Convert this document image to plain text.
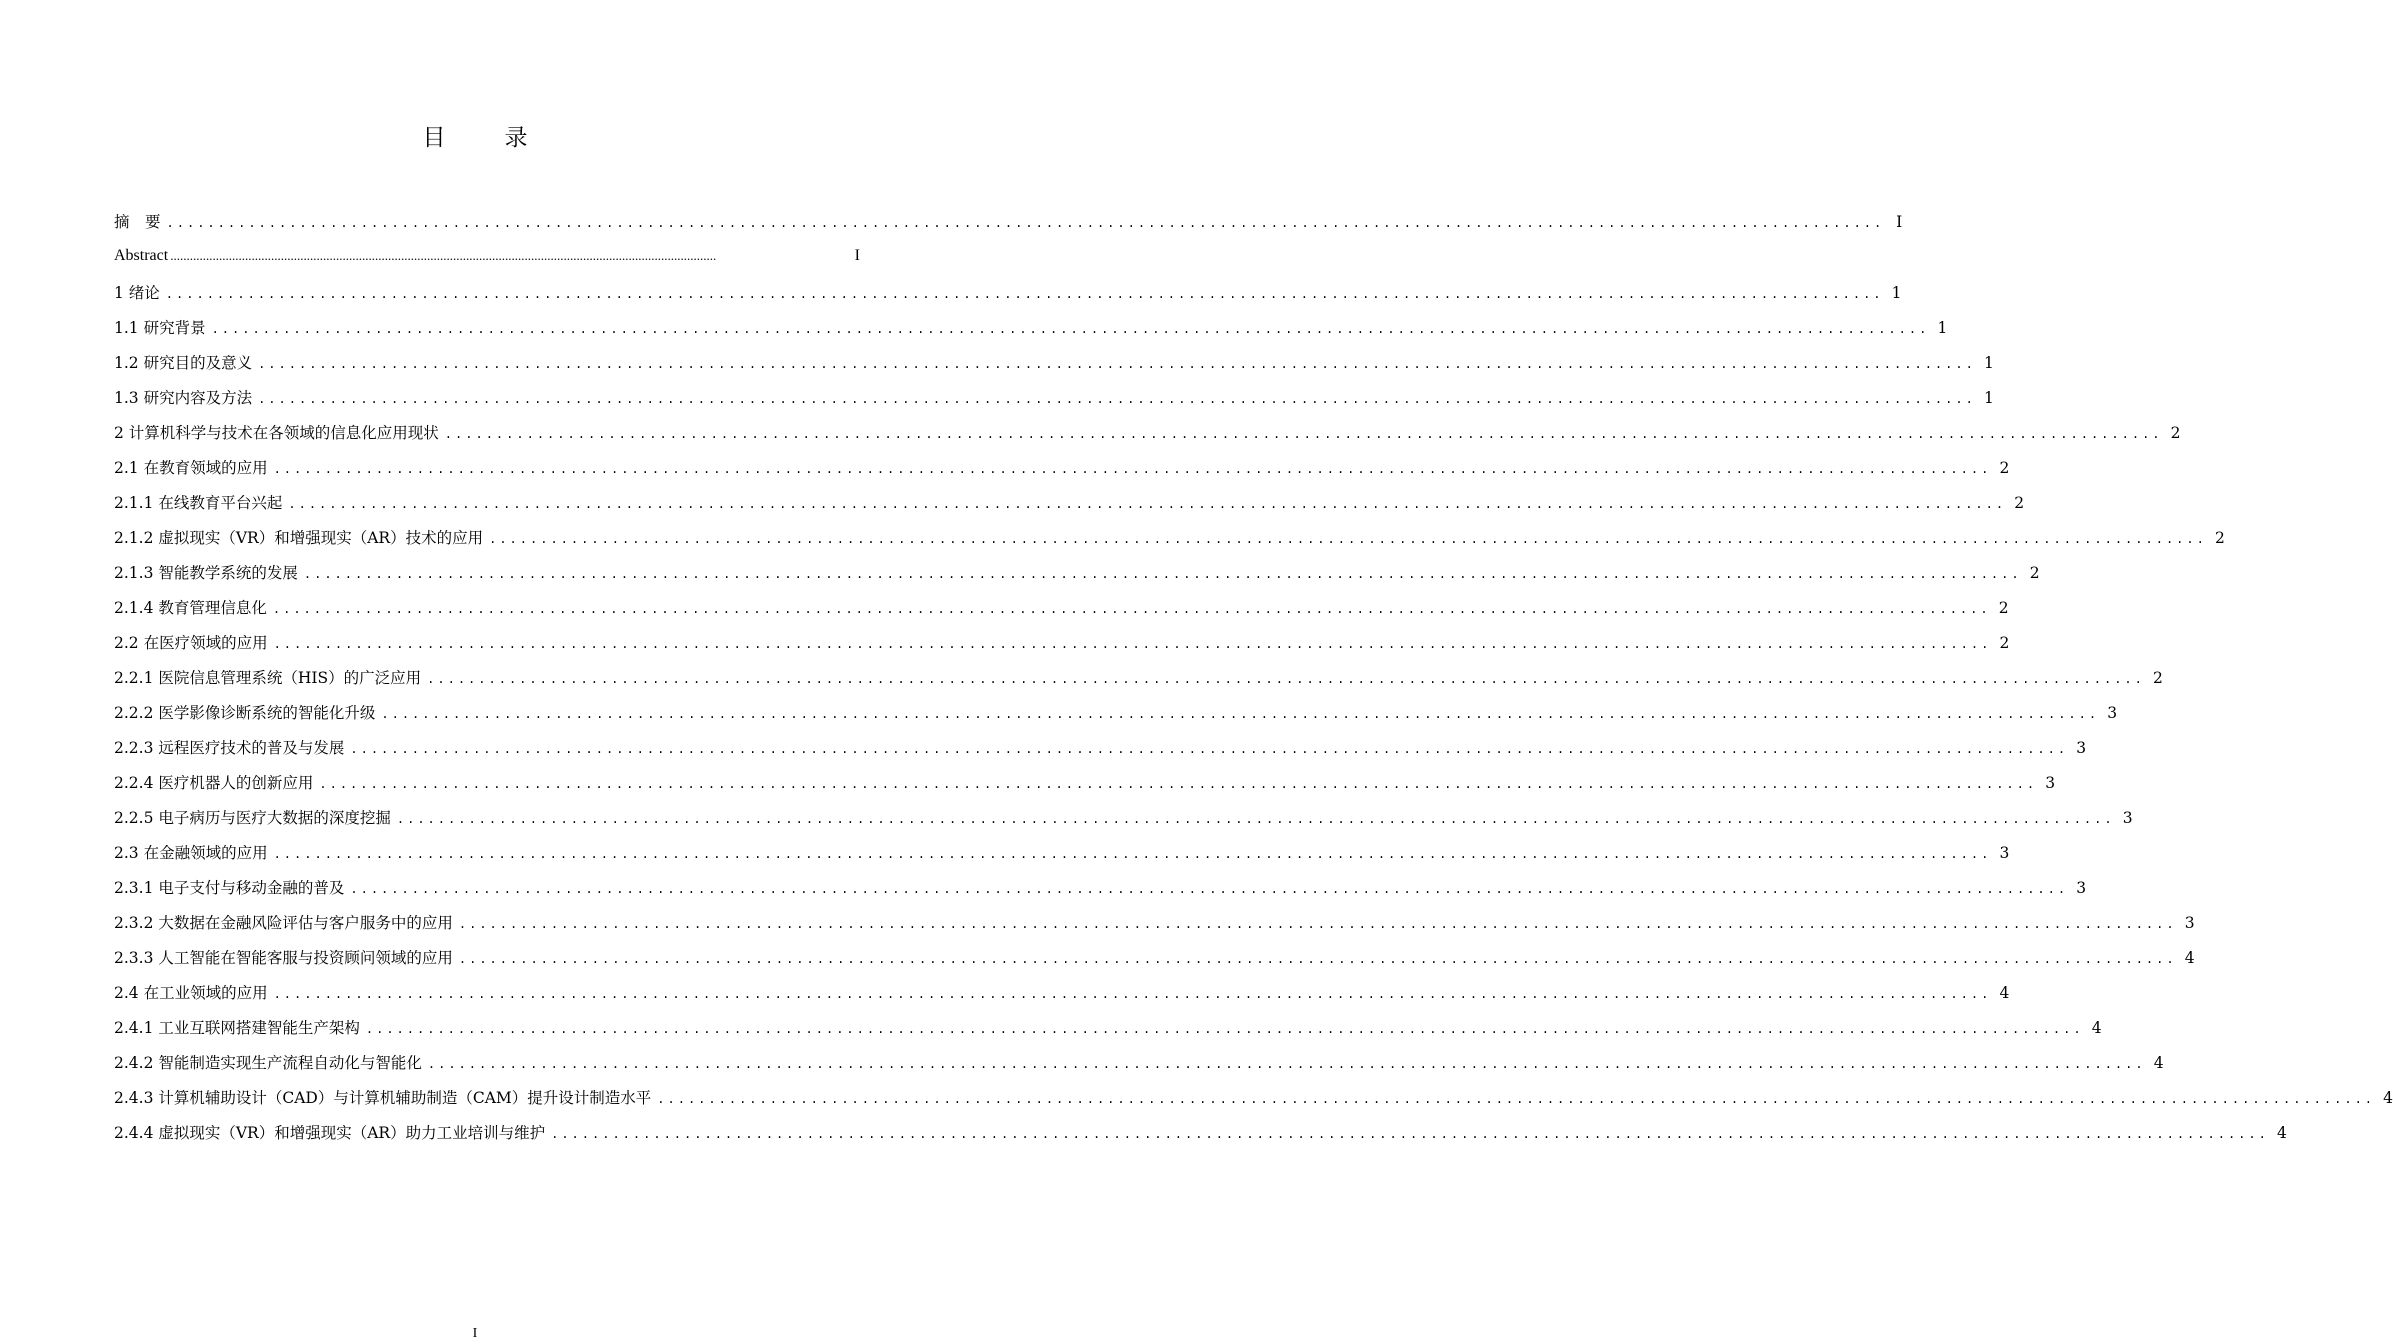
目　录
摘　要 ........................................................................................................................................................................ I
Abstract ........................................................................................................................................................................	I
1 绪论 ........................................................................................................................................................................ 1
1.1 研究背景 ........................................................................................................................................................................ 1
1.2 研究目的及意义 ........................................................................................................................................................................ 1
1.3 研究内容及方法 ........................................................................................................................................................................ 1
2 计算机科学与技术在各领域的信息化应用现状 ........................................................................................................................................................................ 2
2.1 在教育领域的应用 ........................................................................................................................................................................ 2
2.1.1 在线教育平台兴起 ........................................................................................................................................................................ 2
2.1.2 虚拟现实（VR）和增强现实（AR）技术的应用 ........................................................................................................................................................................ 2
2.1.3 智能教学系统的发展 ........................................................................................................................................................................ 2
2.1.4 教育管理信息化 ........................................................................................................................................................................ 2
2.2 在医疗领域的应用 ........................................................................................................................................................................ 2
2.2.1 医院信息管理系统（HIS）的广泛应用 ........................................................................................................................................................................ 2
2.2.2 医学影像诊断系统的智能化升级 ........................................................................................................................................................................ 3
2.2.3 远程医疗技术的普及与发展 ........................................................................................................................................................................ 3
2.2.4 医疗机器人的创新应用 ........................................................................................................................................................................ 3
2.2.5 电子病历与医疗大数据的深度挖掘 ........................................................................................................................................................................ 3
2.3 在金融领域的应用 ........................................................................................................................................................................ 3
2.3.1 电子支付与移动金融的普及 ........................................................................................................................................................................ 3
2.3.2 大数据在金融风险评估与客户服务中的应用 ........................................................................................................................................................................ 3
2.3.3 人工智能在智能客服与投资顾问领域的应用 ........................................................................................................................................................................ 4
2.4 在工业领域的应用 ........................................................................................................................................................................ 4
2.4.1 工业互联网搭建智能生产架构 ........................................................................................................................................................................ 4
2.4.2 智能制造实现生产流程自动化与智能化 ........................................................................................................................................................................ 4
2.4.3 计算机辅助设计（CAD）与计算机辅助制造（CAM）提升设计制造水平 ........................................................................................................................................................................ 4
2.4.4 虚拟现实（VR）和增强现实（AR）助力工业培训与维护 ........................................................................................................................................................................ 4
I
